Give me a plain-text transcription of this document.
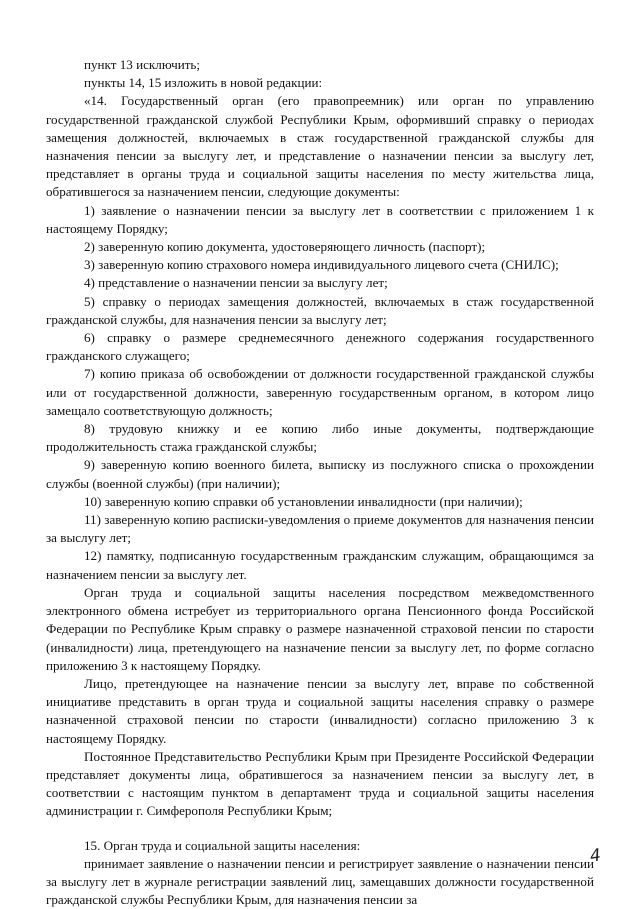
пункт 13 исключить;

пункты 14, 15 изложить в новой редакции:

«14. Государственный орган (его правопреемник) или орган по управлению государственной гражданской службой Республики Крым, оформивший справку о периодах замещения должностей, включаемых в стаж государственной гражданской службы для назначения пенсии за выслугу лет, и представление о назначении пенсии за выслугу лет, представляет в органы труда и социальной защиты населения по месту жительства лица, обратившегося за назначением пенсии, следующие документы:

1) заявление о назначении пенсии за выслугу лет в соответствии с приложением 1 к настоящему Порядку;

2) заверенную копию документа, удостоверяющего личность (паспорт);

3) заверенную копию страхового номера индивидуального лицевого счета (СНИЛС);

4) представление о назначении пенсии за выслугу лет;

5) справку о периодах замещения должностей, включаемых в стаж государственной гражданской службы, для назначения пенсии за выслугу лет;

6) справку о размере среднемесячного денежного содержания государственного гражданского служащего;

7) копию приказа об освобождении от должности государственной гражданской службы или от государственной должности, заверенную государственным органом, в котором лицо замещало соответствующую должность;

8) трудовую книжку и ее копию либо иные документы, подтверждающие продолжительность стажа гражданской службы;

9) заверенную копию военного билета, выписку из послужного списка о прохождении службы (военной службы) (при наличии);

10) заверенную копию справки об установлении инвалидности (при наличии);

11) заверенную копию расписки-уведомления о приеме документов для назначения пенсии за выслугу лет;

12) памятку, подписанную государственным гражданским служащим, обращающимся за назначением пенсии за выслугу лет.

Орган труда и социальной защиты населения посредством межведомственного электронного обмена истребует из территориального органа Пенсионного фонда Российской Федерации по Республике Крым справку о размере назначенной страховой пенсии по старости (инвалидности) лица, претендующего на назначение пенсии за выслугу лет, по форме согласно приложению 3 к настоящему Порядку.

Лицо, претендующее на назначение пенсии за выслугу лет, вправе по собственной инициативе представить в орган труда и социальной защиты населения справку о размере назначенной страховой пенсии по старости (инвалидности) согласно приложению 3 к настоящему Порядку.

Постоянное Представительство Республики Крым при Президенте Российской Федерации представляет документы лица, обратившегося за назначением пенсии за выслугу лет, в соответствии с настоящим пунктом в департамент труда и социальной защиты населения администрации г. Симферополя Республики Крым;

15. Орган труда и социальной защиты населения:

принимает заявление о назначении пенсии и регистрирует заявление о назначении пенсии за выслугу лет в журнале регистрации заявлений лиц, замещавших должности государственной гражданской службы Республики Крым, для назначения пенсии за

4
